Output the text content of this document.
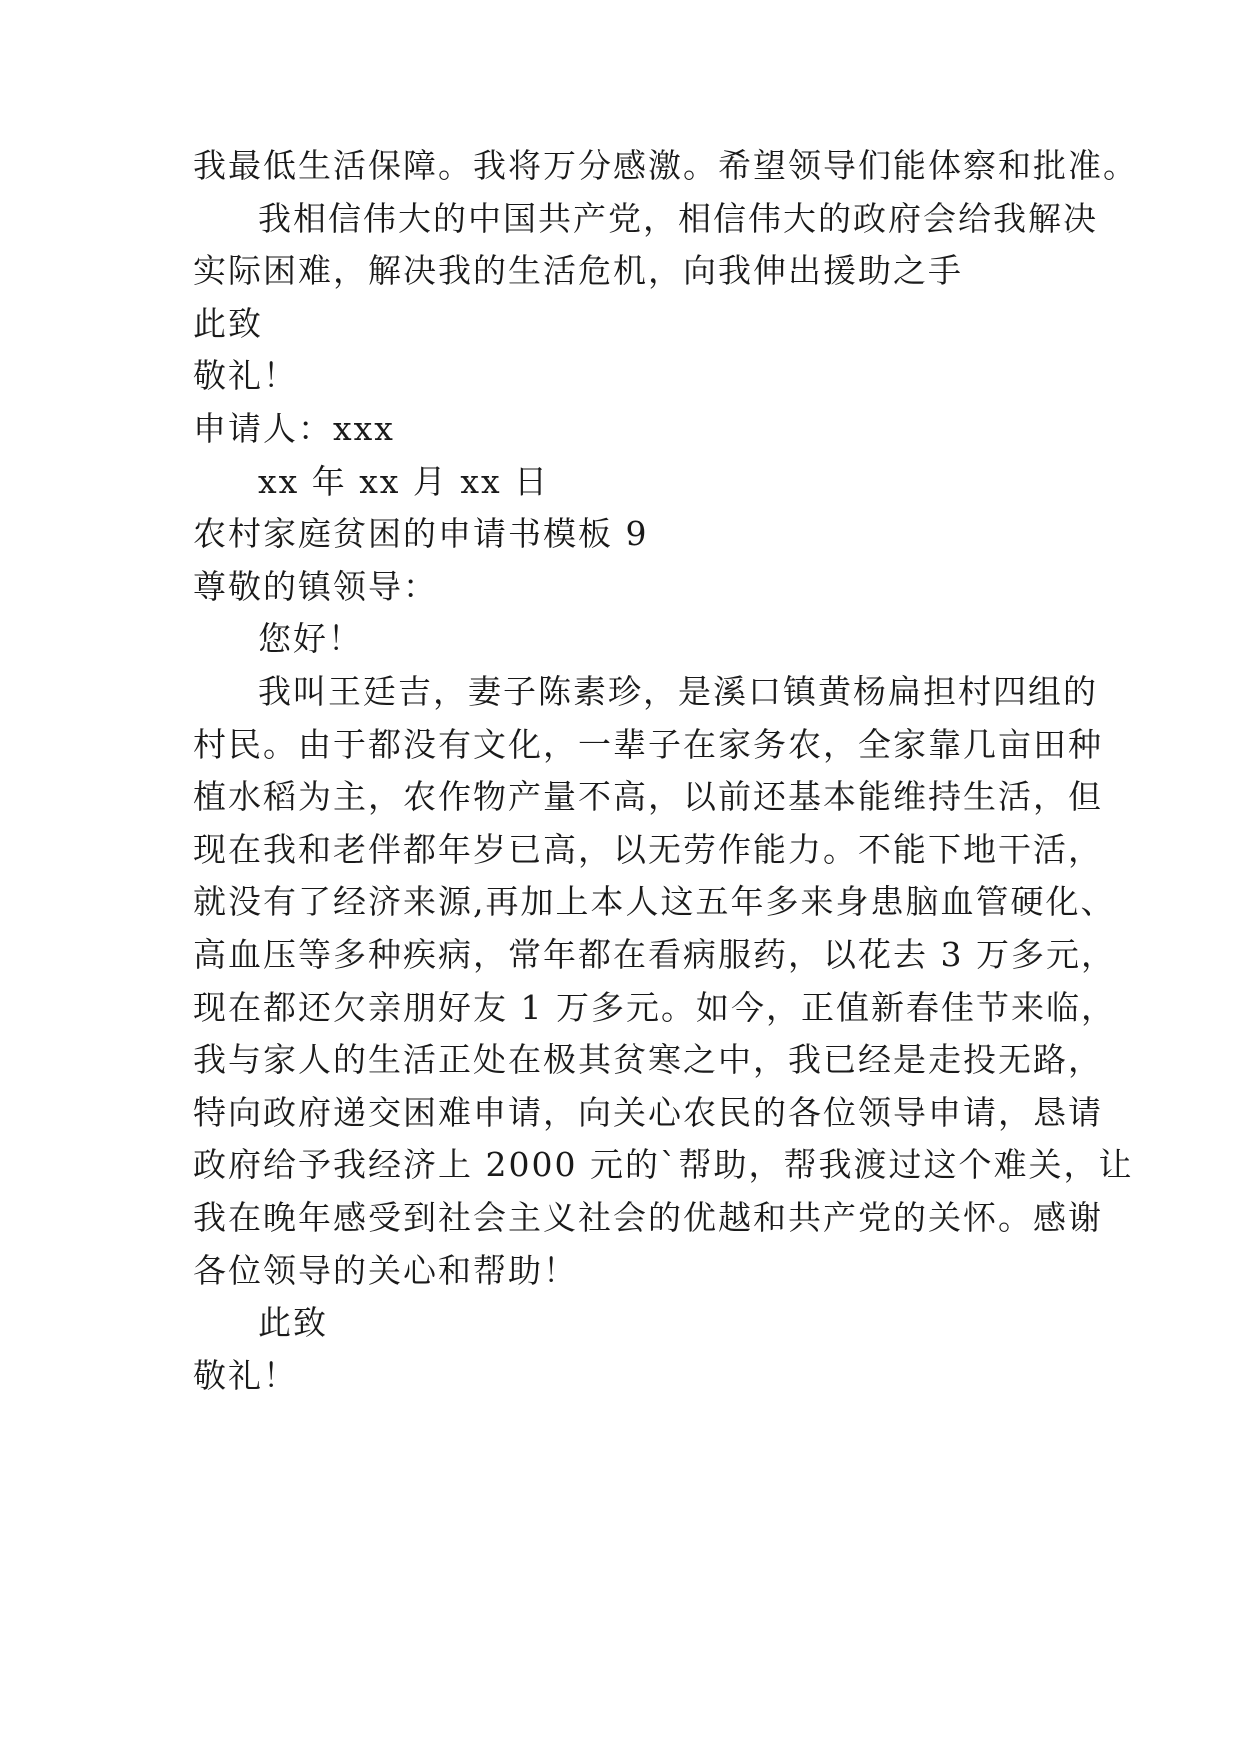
我最低生活保障。我将万分感激。希望领导们能体察和批准。
我相信伟大的中国共产党，相信伟大的政府会给我解决
实际困难，解决我的生活危机，向我伸出援助之手
此致
敬礼！
申请人：xxx
xx 年 xx 月 xx 日
农村家庭贫困的申请书模板 9
尊敬的镇领导：
您好！
我叫王廷吉，妻子陈素珍，是溪口镇黄杨扁担村四组的
村民。由于都没有文化，一辈子在家务农，全家靠几亩田种
植水稻为主，农作物产量不高，以前还基本能维持生活，但
现在我和老伴都年岁已高，以无劳作能力。不能下地干活，
就没有了经济来源,再加上本人这五年多来身患脑血管硬化、
高血压等多种疾病，常年都在看病服药，以花去 3 万多元，
现在都还欠亲朋好友 1 万多元。如今，正值新春佳节来临，
我与家人的生活正处在极其贫寒之中，我已经是走投无路，
特向政府递交困难申请，向关心农民的各位领导申请，恳请
政府给予我经济上 2000 元的`帮助，帮我渡过这个难关，让
我在晚年感受到社会主义社会的优越和共产党的关怀。感谢
各位领导的关心和帮助！
此致
敬礼！
